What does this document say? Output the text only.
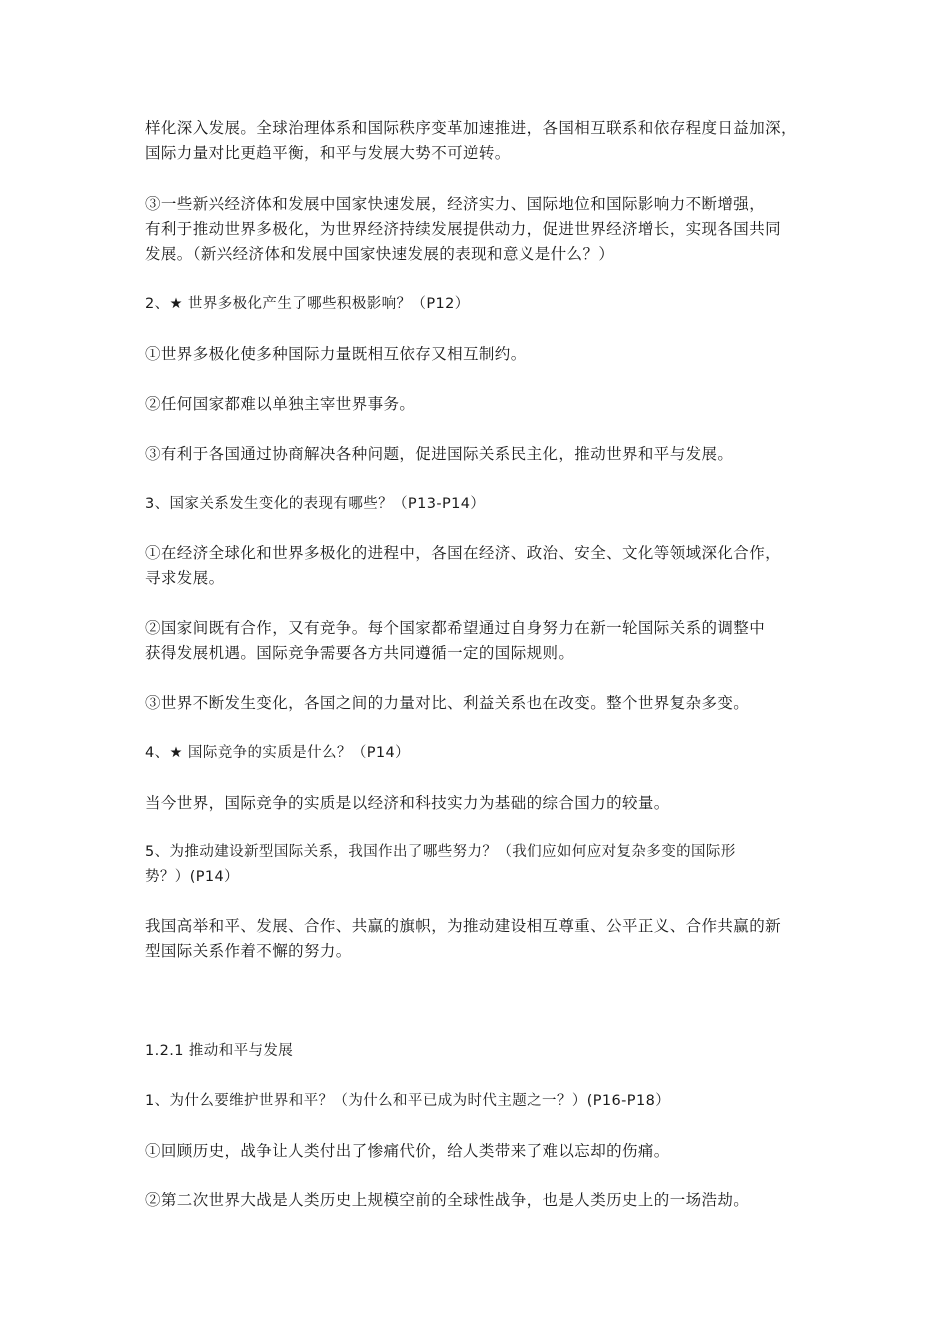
样化深入发展。全球治理体系和国际秩序变革加速推进，各国相互联系和依存程度日益加深，
国际力量对比更趋平衡，和平与发展大势不可逆转。
③一些新兴经济体和发展中国家快速发展，经济实力、国际地位和国际影响力不断增强，
有利于推动世界多极化，为世界经济持续发展提供动力，促进世界经济增长，实现各国共同
发展。（新兴经济体和发展中国家快速发展的表现和意义是什么？）
2、★ 世界多极化产生了哪些积极影响？（P12）
①世界多极化使多种国际力量既相互依存又相互制约。
②任何国家都难以单独主宰世界事务。
③有利于各国通过协商解决各种问题，促进国际关系民主化，推动世界和平与发展。
3、国家关系发生变化的表现有哪些？（P13-P14）
①在经济全球化和世界多极化的进程中，各国在经济、政治、安全、文化等领域深化合作，
寻求发展。
②国家间既有合作，又有竞争。每个国家都希望通过自身努力在新一轮国际关系的调整中
获得发展机遇。国际竞争需要各方共同遵循一定的国际规则。
③世界不断发生变化，各国之间的力量对比、利益关系也在改变。整个世界复杂多变。
4、★ 国际竞争的实质是什么？（P14）
当今世界，国际竞争的实质是以经济和科技实力为基础的综合国力的较量。
5、为推动建设新型国际关系，我国作出了哪些努力？（我们应如何应对复杂多变的国际形
势？）(P14）
我国高举和平、发展、合作、共赢的旗帜，为推动建设相互尊重、公平正义、合作共赢的新
型国际关系作着不懈的努力。
1.2.1 推动和平与发展
1、为什么要维护世界和平？（为什么和平已成为时代主题之一？）(P16-P18）
①回顾历史，战争让人类付出了惨痛代价，给人类带来了难以忘却的伤痛。
②第二次世界大战是人类历史上规模空前的全球性战争，也是人类历史上的一场浩劫。
